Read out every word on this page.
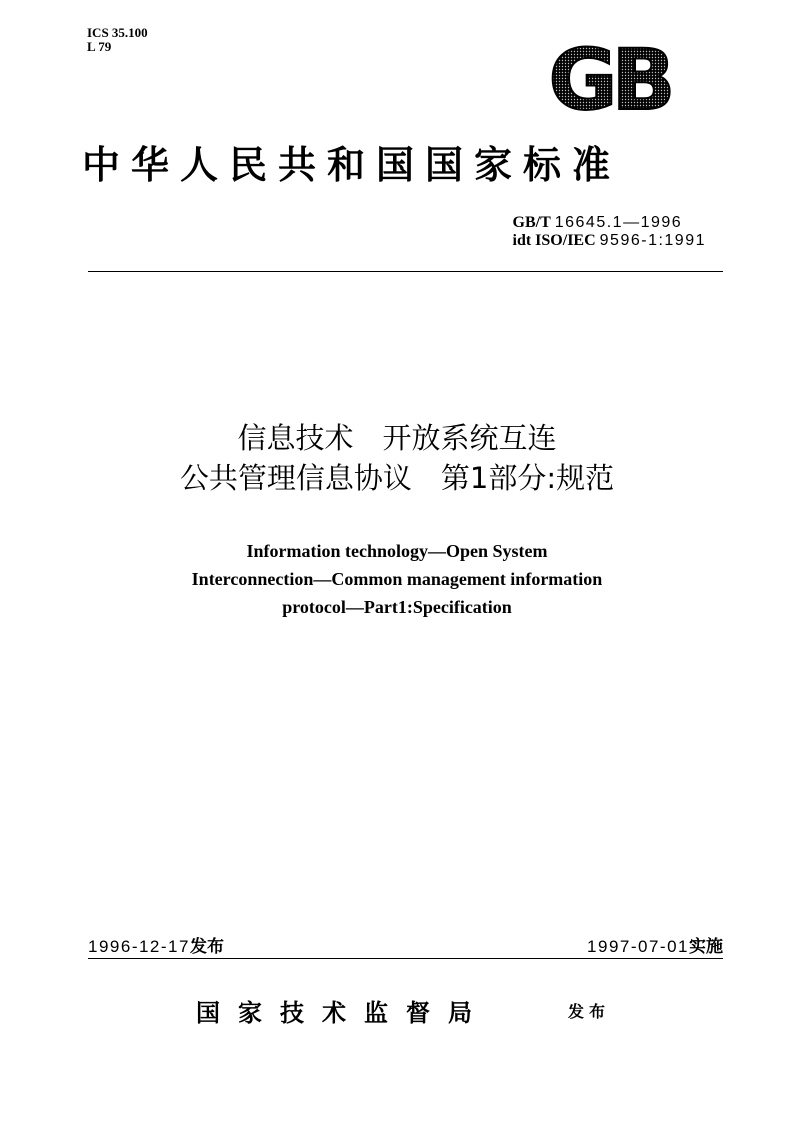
ICS 35.100
L 79	GB
中华人民共和国国家标准
GB/T 16645.1—1996
idt ISO/IEC 9596-1:1991
信息技术　开放系统互连
公共管理信息协议　第1部分:规范
Information technology—Open System
Interconnection—Common management information
protocol—Part1:Specification
1996-12-17发布	1997-07-01实施
国家技术监督局	发布
